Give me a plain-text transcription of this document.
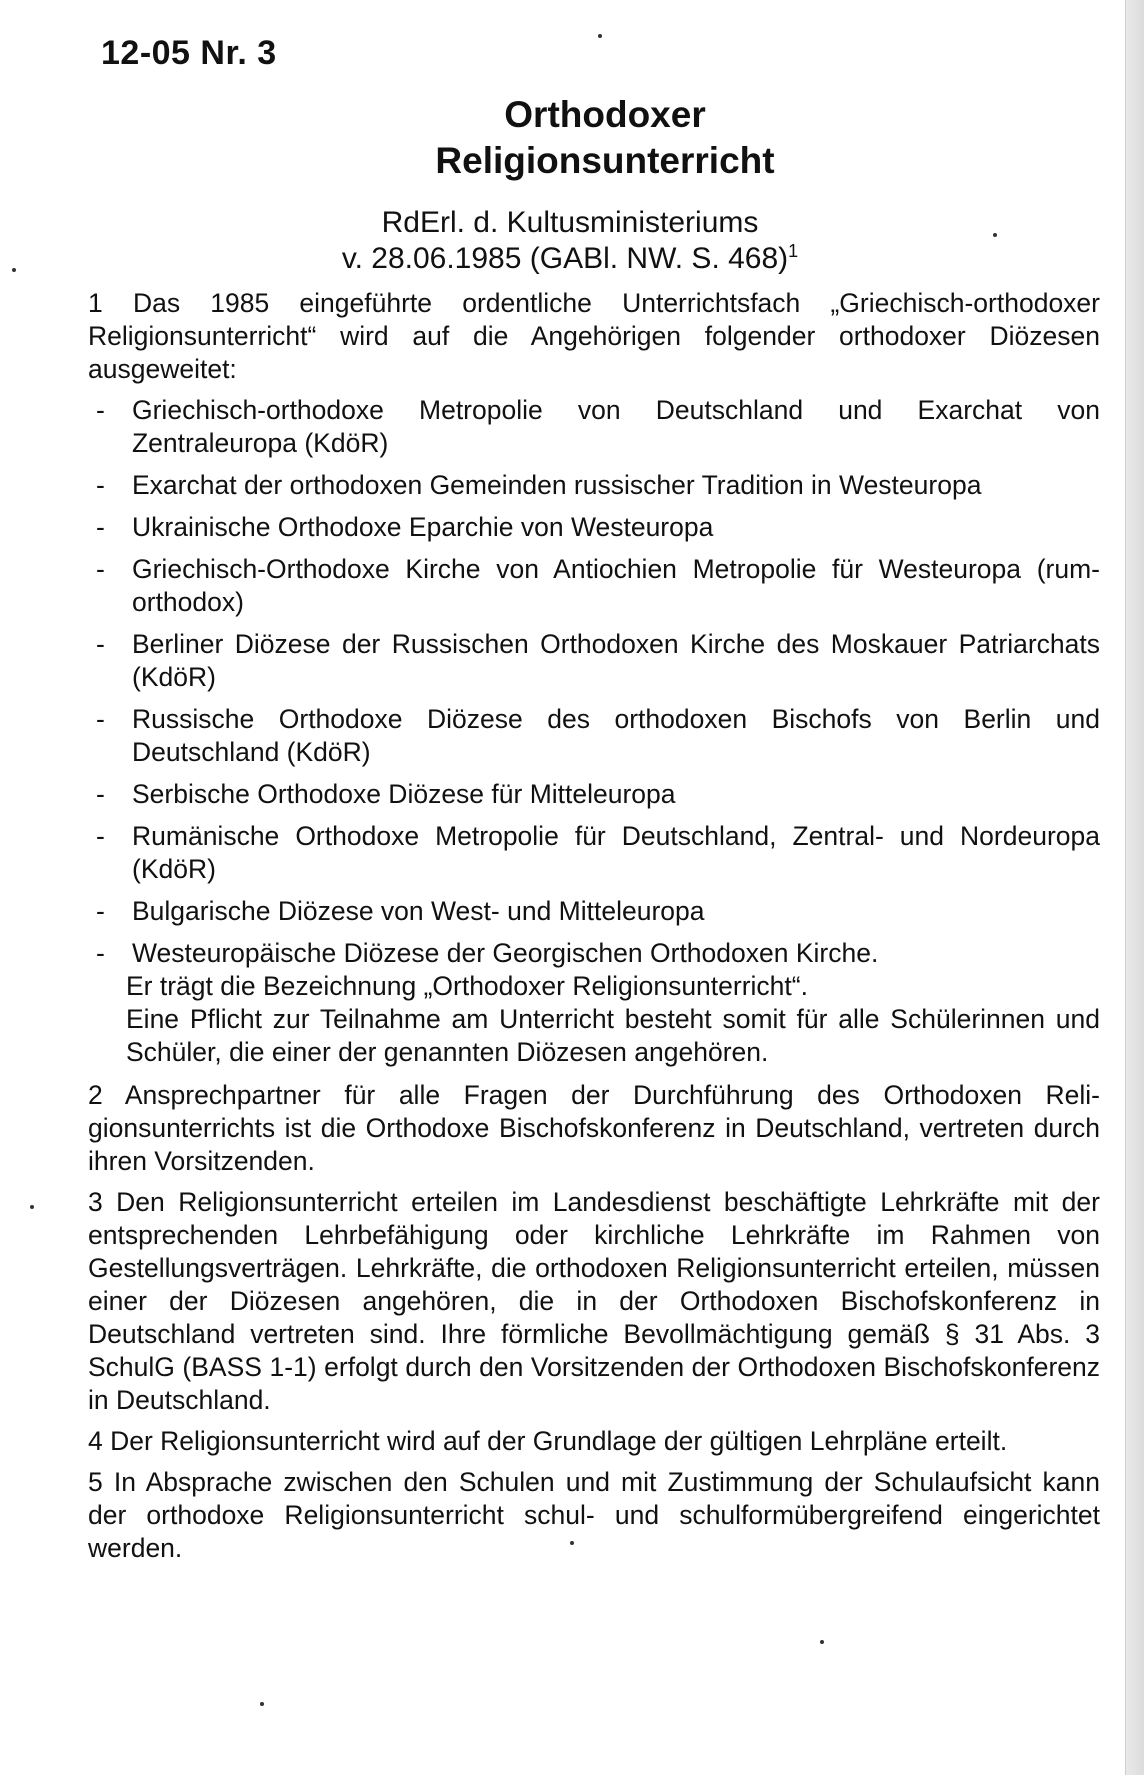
12-05 Nr. 3
Orthodoxer
Religionsunterricht
RdErl. d. Kultusministeriums
v. 28.06.1985 (GABl. NW. S. 468)$^1$

1 Das 1985 eingeführte ordentliche Unterrichtsfach „Griechisch-orthodoxer Religionsunterricht“ wird auf die Angehörigen folgender orthodoxer Diözesen ausgeweitet:

- Griechisch-orthodoxe Metropolie von Deutschland und Exarchat von Zentraleuropa (KdöR)
- Exarchat der orthodoxen Gemeinden russischer Tradition in Westeuropa
- Ukrainische Orthodoxe Eparchie von Westeuropa
- Griechisch-Orthodoxe Kirche von Antiochien Metropolie für Westeuropa (rum-orthodox)
- Berliner Diözese der Russischen Orthodoxen Kirche des Moskauer Patriarchats (KdöR)
- Russische Orthodoxe Diözese des orthodoxen Bischofs von Berlin und Deutschland (KdöR)
- Serbische Orthodoxe Diözese für Mitteleuropa
- Rumänische Orthodoxe Metropolie für Deutschland, Zentral- und Nordeuropa (KdöR)
- Bulgarische Diözese von West- und Mitteleuropa
- Westeuropäische Diözese der Georgischen Orthodoxen Kirche.
Er trägt die Bezeichnung „Orthodoxer Religionsunterricht“.
Eine Pflicht zur Teilnahme am Unterricht besteht somit für alle Schülerinnen und Schüler, die einer der genannten Diözesen angehören.

2 Ansprechpartner für alle Fragen der Durchführung des Orthodoxen Religionsunterrichts ist die Orthodoxe Bischofskonferenz in Deutschland, vertreten durch ihren Vorsitzenden.

3 Den Religionsunterricht erteilen im Landesdienst beschäftigte Lehrkräfte mit der entsprechenden Lehrbefähigung oder kirchliche Lehrkräfte im Rahmen von Gestellungsverträgen. Lehrkräfte, die orthodoxen Religionsunterricht erteilen, müssen einer der Diözesen angehören, die in der Orthodoxen Bischofskonferenz in Deutschland vertreten sind. Ihre förmliche Bevollmächtigung gemäß § 31 Abs. 3 SchulG (BASS 1-1) erfolgt durch den Vorsitzenden der Orthodoxen Bischofskonferenz in Deutschland.

4 Der Religionsunterricht wird auf der Grundlage der gültigen Lehrpläne erteilt.

5 In Absprache zwischen den Schulen und mit Zustimmung der Schulaufsicht kann der orthodoxe Religionsunterricht schul- und schulformübergreifend eingerichtet werden.
